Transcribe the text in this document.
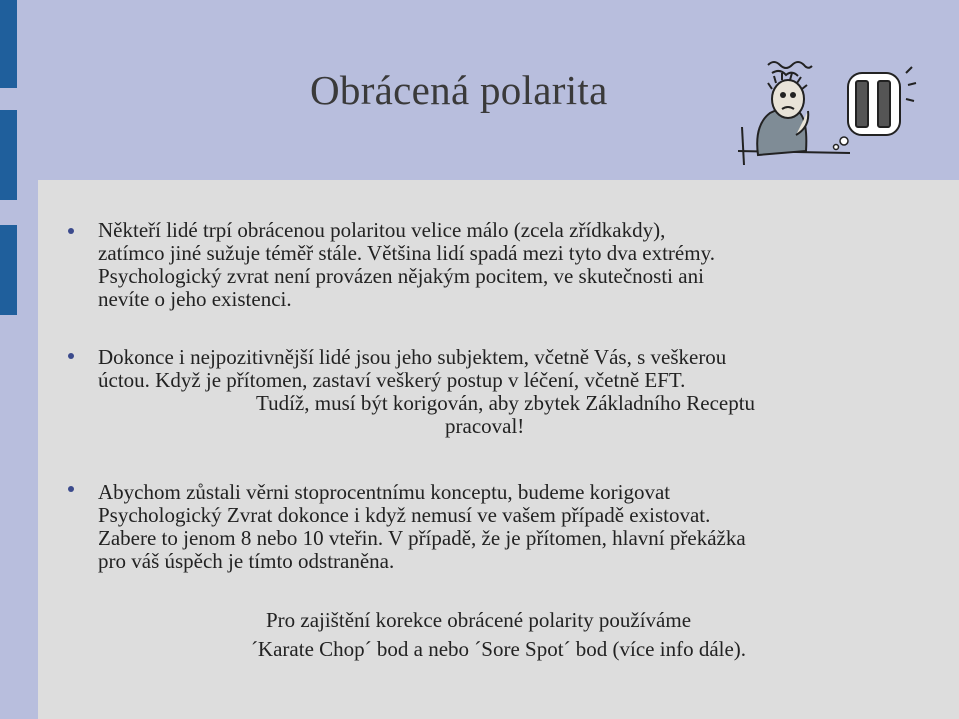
Obrácená polarita

Někteří lidé trpí obrácenou polaritou velice málo (zcela zřídkakdy),
zatímco jiné sužuje téměř stále. Většina lidí spadá mezi tyto dva extrémy.
Psychologický zvrat není provázen nějakým pocitem, ve skutečnosti ani
nevíte o jeho existenci.

Dokonce i nejpozitivnější lidé jsou jeho subjektem, včetně Vás, s veškerou
úctou. Když je přítomen, zastaví veškerý postup v léčení, včetně EFT.
Tudíž, musí být korigován, aby zbytek Základního Receptu
pracoval!

Abychom zůstali věrni stoprocentnímu konceptu, budeme korigovat
Psychologický Zvrat dokonce i když nemusí ve vašem případě existovat.
Zabere to jenom 8 nebo 10 vteřin. V případě, že je přítomen, hlavní překážka
pro váš úspěch je tímto odstraněna.

Pro zajištění korekce obrácené polarity používáme
´Karate Chop´ bod a nebo ´Sore Spot´ bod (více info dále).
